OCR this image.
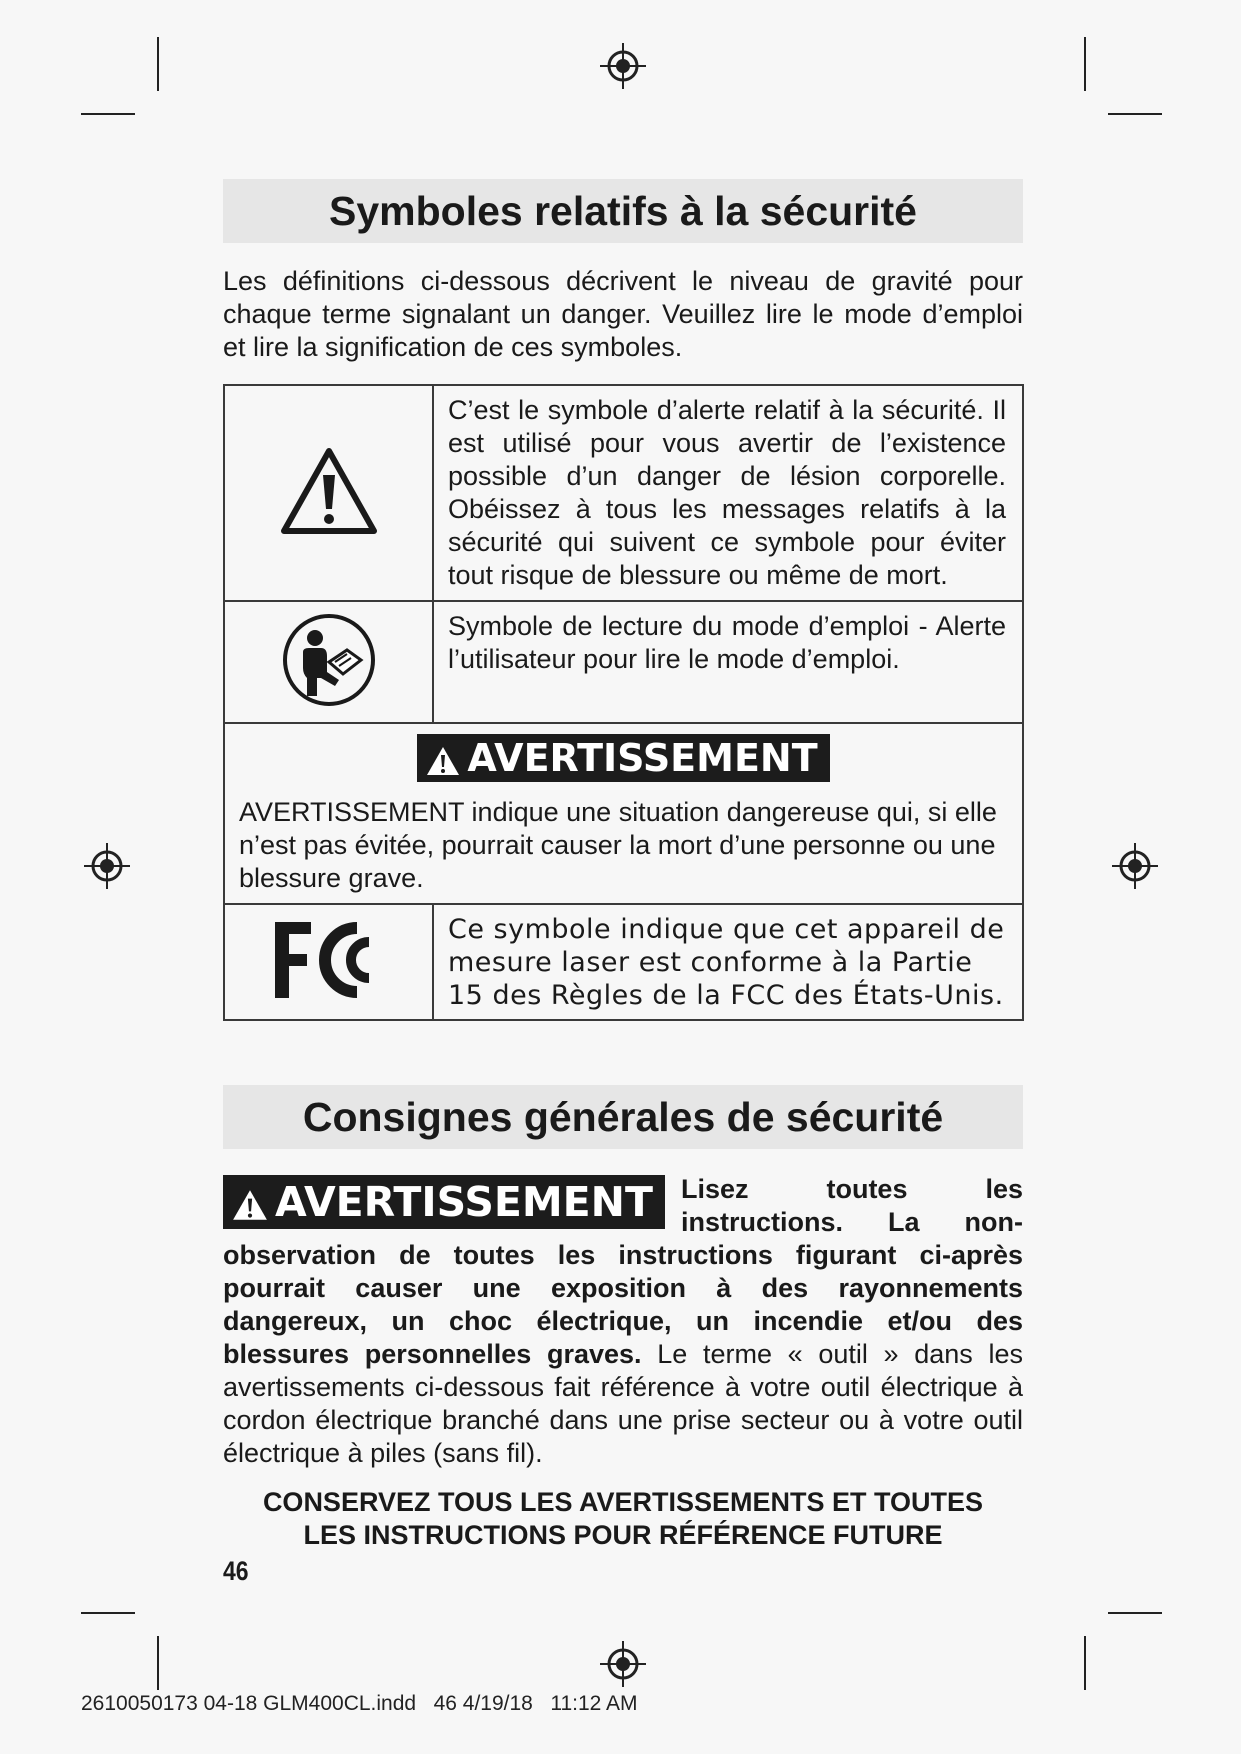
Symboles relatifs à la sécurité
Les définitions ci-dessous décrivent le niveau de gravité pour chaque terme signalant un danger. Veuillez lire le mode d’emploi et lire la signification de ces symboles.
	C’est le symbole d’alerte relatif à la sécurité. Il est utilisé pour vous avertir de l’existence possible d’un danger de lésion corporelle. Obéissez à tous les messages relatifs à la sécurité qui suivent ce symbole pour éviter tout risque de blessure ou même de mort.
	Symbole de lecture du mode d’emploi - Alerte l’utilisateur pour lire le mode d’emploi.

AVERTISSEMENT
AVERTISSEMENT indique une situation dangereuse qui, si elle n’est pas évitée, pourrait causer la mort d’une personne ou une blessure grave.	

FC	Ce symbole indique que cet appareil de mesure laser est conforme à la Partie 15 des Règles de la FCC des États-Unis.
Consignes générales de sécurité
AVERTISSEMENT	Lisez toutes les instructions. La non-observation de toutes les instructions figurant ci-après pourrait causer une exposition à des rayonnements dangereux, un choc électrique, un incendie et/ou des blessures personnelles graves. Le terme « outil » dans les avertissements ci-dessous fait référence à votre outil électrique à cordon électrique branché dans une prise secteur ou à votre outil électrique à piles (sans fil).
CONSERVEZ TOUS LES AVERTISSEMENTS ET TOUTES
LES INSTRUCTIONS POUR RÉFÉRENCE FUTURE
46
2610050173 04-18 GLM400CL.indd   46 4/19/18   11:12 AM
